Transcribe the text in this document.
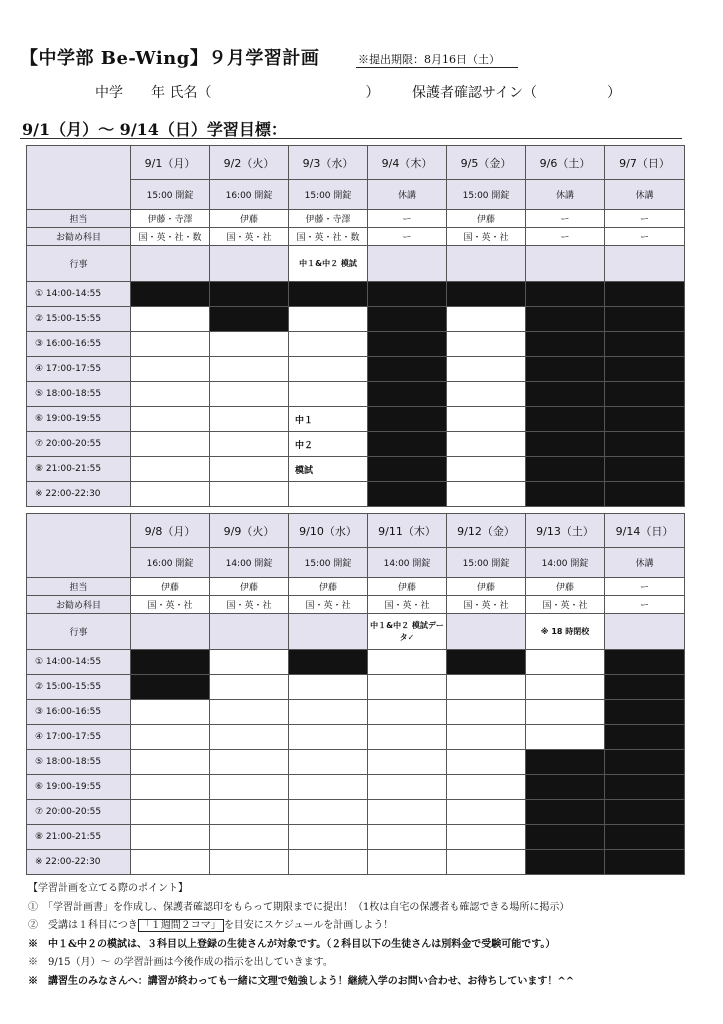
【中学部 Be-Wing】９月学習計画	※提出期限：8月16日（土）
中学　　年 氏名（　　　　　　　　　　　） 保護者確認サイン（　　　　　）
9/1（月）～ 9/14（日）学習目標：
	9/1（月）	9/2（火）	9/3（水）	9/4（木）	9/5（金）	9/6（土）	9/7（日）
	15:00 開錠	16:00 開錠	15:00 開錠	休講	15:00 開錠	休講	休講
担当	伊藤・寺澤	伊藤	伊藤・寺澤	ー	伊藤	ー	ー
お勧め科目	国・英・社・数	国・英・社	国・英・社・数	ー	国・英・社	ー	ー
行事			中１&中２ 模試				
① 14:00-14:55							
② 15:00-15:55							
③ 16:00-16:55							
④ 17:00-17:55							
⑤ 18:00-18:55							
⑥ 19:00-19:55			中１				
⑦ 20:00-20:55			中２				
⑧ 21:00-21:55			模試				
※ 22:00-22:30							
	9/8（月）	9/9（火）	9/10（水）	9/11（木）	9/12（金）	9/13（土）	9/14（日）
	16:00 開錠	14:00 開錠	15:00 開錠	14:00 開錠	15:00 開錠	14:00 開錠	休講
担当	伊藤	伊藤	伊藤	伊藤	伊藤	伊藤	ー
お勧め科目	国・英・社	国・英・社	国・英・社	国・英・社	国・英・社	国・英・社	ー
行事				中１&中２ 模試データ✓		※ 18 時閉校	
① 14:00-14:55							
② 15:00-15:55							
③ 16:00-16:55							
④ 17:00-17:55							
⑤ 18:00-18:55							
⑥ 19:00-19:55							
⑦ 20:00-20:55							
⑧ 21:00-21:55							
※ 22:00-22:30							
【学習計画を立てる際のポイント】
①　「学習計画書」を作成し、保護者確認印をもらって期限までに提出！（1枚は自宅の保護者も確認できる場所に掲示）
②　受講は１科目につき 「１週間２コマ」 を目安にスケジュールを計画しよう！
※　中１&中２の模試は、３科目以上登録の生徒さんが対象です。（２科目以下の生徒さんは別料金で受験可能です。）
※　9/15（月）～ の学習計画は今後作成の指示を出していきます。
※　講習生のみなさんへ：講習が終わっても一緒に文理で勉強しよう！継続入学のお問い合わせ、お待ちしています！^^
